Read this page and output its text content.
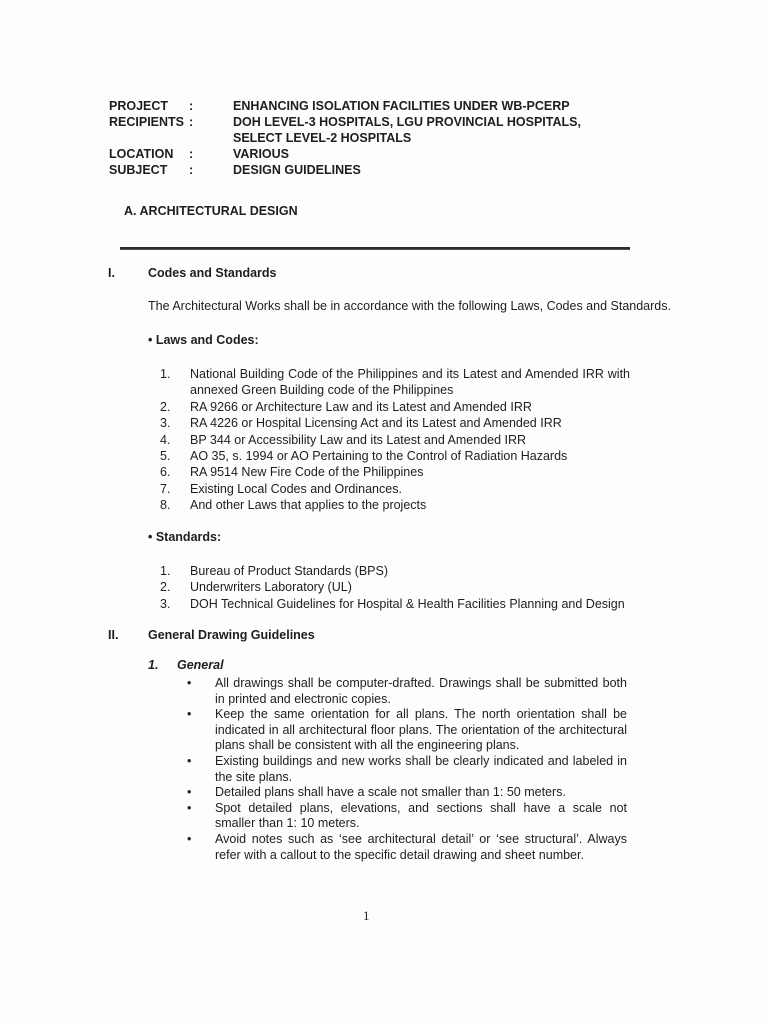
PROJECT	:	ENHANCING ISOLATION FACILITIES UNDER WB-PCERP
RECIPIENTS :	DOH LEVEL-3 HOSPITALS, LGU PROVINCIAL HOSPITALS, SELECT LEVEL-2 HOSPITALS
LOCATION	:	VARIOUS
SUBJECT	:	DESIGN GUIDELINES
A. ARCHITECTURAL DESIGN
I.	Codes and Standards
The Architectural Works shall be in accordance with the following Laws, Codes and Standards.
• Laws and Codes:
1.	National Building Code of the Philippines and its Latest and Amended IRR with annexed Green Building code of the Philippines
2.	RA 9266 or Architecture Law and its Latest and Amended IRR
3.	RA 4226 or Hospital Licensing Act and its Latest and Amended IRR
4.	BP 344 or Accessibility Law and its Latest and Amended IRR
5.	AO 35, s. 1994 or AO Pertaining to the Control of Radiation Hazards
6.	RA 9514 New Fire Code of the Philippines
7.	Existing Local Codes and Ordinances.
8.	And other Laws that applies to the projects
• Standards:
1.	Bureau of Product Standards (BPS)
2.	Underwriters Laboratory (UL)
3.	DOH Technical Guidelines for Hospital & Health Facilities Planning and Design
II. General Drawing Guidelines
1. General
•	All drawings shall be computer-drafted. Drawings shall be submitted both in printed and electronic copies.
•	Keep the same orientation for all plans. The north orientation shall be indicated in all architectural floor plans. The orientation of the architectural plans shall be consistent with all the engineering plans.
•	Existing buildings and new works shall be clearly indicated and labeled in the site plans.
•	Detailed plans shall have a scale not smaller than 1: 50 meters.
•	Spot detailed plans, elevations, and sections shall have a scale not smaller than 1: 10 meters.
•	Avoid notes such as ‘see architectural detail’ or ‘see structural’. Always refer with a callout to the specific detail drawing and sheet number.
1
